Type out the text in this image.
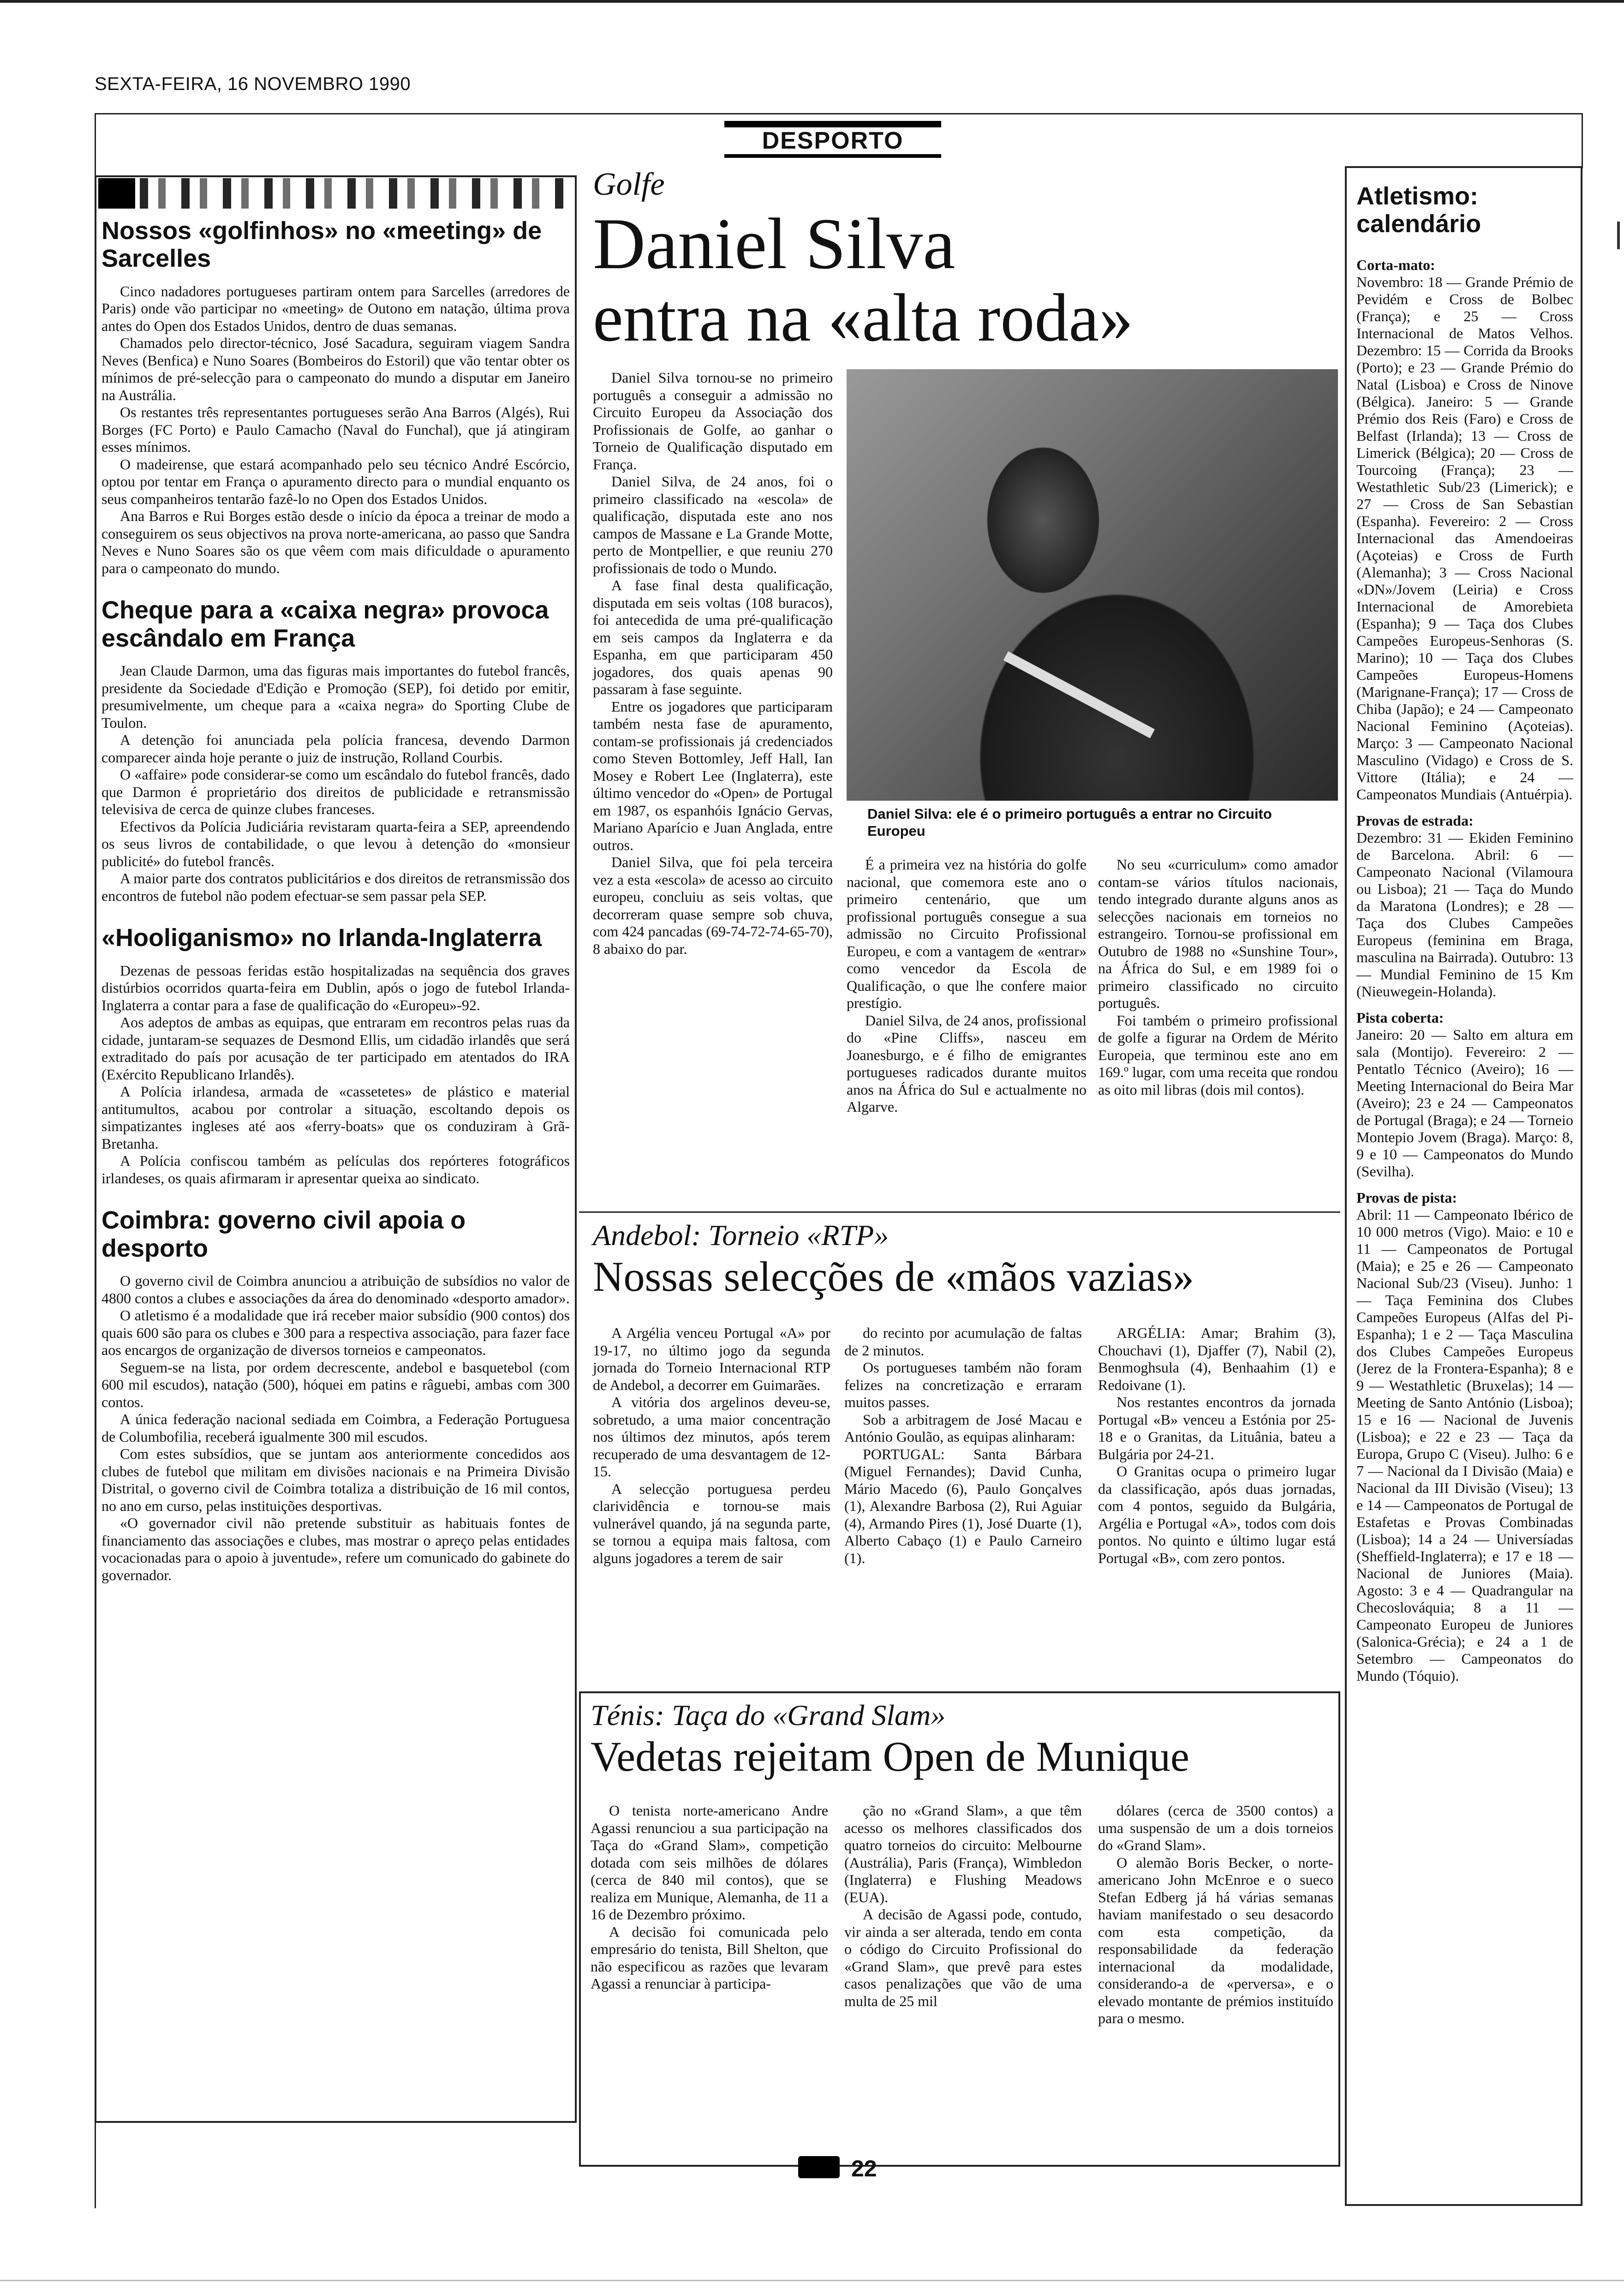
SEXTA-FEIRA, 16 NOVEMBRO 1990
DESPORTO
Nossos «golfinhos» no «meeting» de Sarcelles

Cinco nadadores portugueses partiram ontem para Sarcelles (arredores de Paris) onde vão participar no «meeting» de Outono em natação, última prova antes do Open dos Estados Unidos, dentro de duas semanas.

Chamados pelo director-técnico, José Sacadura, seguiram viagem Sandra Neves (Benfica) e Nuno Soares (Bombeiros do Estoril) que vão tentar obter os mínimos de pré-selecção para o campeonato do mundo a disputar em Janeiro na Austrália.

Os restantes três representantes portugueses serão Ana Barros (Algés), Rui Borges (FC Porto) e Paulo Camacho (Naval do Funchal), que já atingiram esses mínimos.

O madeirense, que estará acompanhado pelo seu técnico André Escórcio, optou por tentar em França o apuramento directo para o mundial enquanto os seus companheiros tentarão fazê-lo no Open dos Estados Unidos.

Ana Barros e Rui Borges estão desde o início da época a treinar de modo a conseguirem os seus objectivos na prova norte-americana, ao passo que Sandra Neves e Nuno Soares são os que vêem com mais dificuldade o apuramento para o campeonato do mundo.

Cheque para a «caixa negra» provoca escândalo em França

Jean Claude Darmon, uma das figuras mais importantes do futebol francês, presidente da Sociedade d'Edição e Promoção (SEP), foi detido por emitir, presumivelmente, um cheque para a «caixa negra» do Sporting Clube de Toulon.

A detenção foi anunciada pela polícia francesa, devendo Darmon comparecer ainda hoje perante o juiz de instrução, Rolland Courbis.

O «affaire» pode considerar-se como um escândalo do futebol francês, dado que Darmon é proprietário dos direitos de publicidade e retransmissão televisiva de cerca de quinze clubes franceses.

Efectivos da Polícia Judiciária revistaram quarta-feira a SEP, apreendendo os seus livros de contabilidade, o que levou à detenção do «monsieur publicité» do futebol francês.

A maior parte dos contratos publicitários e dos direitos de retransmissão dos encontros de futebol não podem efectuar-se sem passar pela SEP.

«Hooliganismo» no Irlanda-Inglaterra

Dezenas de pessoas feridas estão hospitalizadas na sequência dos graves distúrbios ocorridos quarta-feira em Dublin, após o jogo de futebol Irlanda-Inglaterra a contar para a fase de qualificação do «Europeu»-92.

Aos adeptos de ambas as equipas, que entraram em recontros pelas ruas da cidade, juntaram-se sequazes de Desmond Ellis, um cidadão irlandês que será extraditado do país por acusação de ter participado em atentados do IRA (Exército Republicano Irlandês).

A Polícia irlandesa, armada de «cassetetes» de plástico e material antitumultos, acabou por controlar a situação, escoltando depois os simpatizantes ingleses até aos «ferry-boats» que os conduziram à Grã-Bretanha.

A Polícia confiscou também as películas dos repórteres fotográficos irlandeses, os quais afirmaram ir apresentar queixa ao sindicato.

Coimbra: governo civil apoia o desporto

O governo civil de Coimbra anunciou a atribuição de subsídios no valor de 4800 contos a clubes e associações da área do denominado «desporto amador».

O atletismo é a modalidade que irá receber maior subsídio (900 contos) dos quais 600 são para os clubes e 300 para a respectiva associação, para fazer face aos encargos de organização de diversos torneios e campeonatos.

Seguem-se na lista, por ordem decrescente, andebol e basquetebol (com 600 mil escudos), natação (500), hóquei em patins e râguebi, ambas com 300 contos.

A única federação nacional sediada em Coimbra, a Federação Portuguesa de Columbofilia, receberá igualmente 300 mil escudos.

Com estes subsídios, que se juntam aos anteriormente concedidos aos clubes de futebol que militam em divisões nacionais e na Primeira Divisão Distrital, o governo civil de Coimbra totaliza a distribuição de 16 mil contos, no ano em curso, pelas instituições desportivas.

«O governador civil não pretende substituir as habituais fontes de financiamento das associações e clubes, mas mostrar o apreço pelas entidades vocacionadas para o apoio à juventude», refere um comunicado do gabinete do governador.

Golfe
Daniel Silva
entra na «alta roda»

Daniel Silva tornou-se no primeiro português a conseguir a admissão no Circuito Europeu da Associação dos Profissionais de Golfe, ao ganhar o Torneio de Qualificação disputado em França.

Daniel Silva, de 24 anos, foi o primeiro classificado na «escola» de qualificação, disputada este ano nos campos de Massane e La Grande Motte, perto de Montpellier, e que reuniu 270 profissionais de todo o Mundo.

A fase final desta qualificação, disputada em seis voltas (108 buracos), foi antecedida de uma pré-qualificação em seis campos da Inglaterra e da Espanha, em que participaram 450 jogadores, dos quais apenas 90 passaram à fase seguinte.

Entre os jogadores que participaram também nesta fase de apuramento, contam-se profissionais já credenciados como Steven Bottomley, Jeff Hall, Ian Mosey e Robert Lee (Inglaterra), este último vencedor do «Open» de Portugal em 1987, os espanhóis Ignácio Gervas, Mariano Aparício e Juan Anglada, entre outros.

Daniel Silva, que foi pela terceira vez a esta «escola» de acesso ao circuito europeu, concluiu as seis voltas, que decorreram quase sempre sob chuva, com 424 pancadas (69-74-72-74-65-70), 8 abaixo do par.

Daniel Silva: ele é o primeiro português a entrar no Circuito Europeu

É a primeira vez na história do golfe nacional, que comemora este ano o primeiro centenário, que um profissional português consegue a sua admissão no Circuito Profissional Europeu, e com a vantagem de «entrar» como vencedor da Escola de Qualificação, o que lhe confere maior prestígio.

Daniel Silva, de 24 anos, profissional do «Pine Cliffs», nasceu em Joanesburgo, e é filho de emigrantes portugueses radicados durante muitos anos na África do Sul e actualmente no Algarve.

No seu «curriculum» como amador contam-se vários títulos nacionais, tendo integrado durante alguns anos as selecções nacionais em torneios no estrangeiro. Tornou-se profissional em Outubro de 1988 no «Sunshine Tour», na África do Sul, e em 1989 foi o primeiro classificado no circuito português.

Foi também o primeiro profissional de golfe a figurar na Ordem de Mérito Europeia, que terminou este ano em 169.º lugar, com uma receita que rondou as oito mil libras (dois mil contos).

Andebol: Torneio «RTP»
Nossas selecções de «mãos vazias»

A Argélia venceu Portugal «A» por 19-17, no último jogo da segunda jornada do Torneio Internacional RTP de Andebol, a decorrer em Guimarães.

A vitória dos argelinos deveu-se, sobretudo, a uma maior concentração nos últimos dez minutos, após terem recuperado de uma desvantagem de 12-15.

A selecção portuguesa perdeu clarividência e tornou-se mais vulnerável quando, já na segunda parte, se tornou a equipa mais faltosa, com alguns jogadores a terem de sair

do recinto por acumulação de faltas de 2 minutos.

Os portugueses também não foram felizes na concretização e erraram muitos passes.

Sob a arbitragem de José Macau e António Goulão, as equipas alinharam:

PORTUGAL: Santa Bárbara (Miguel Fernandes); David Cunha, Mário Macedo (6), Paulo Gonçalves (1), Alexandre Barbosa (2), Rui Aguiar (4), Armando Pires (1), José Duarte (1), Alberto Cabaço (1) e Paulo Carneiro (1).

ARGÉLIA: Amar; Brahim (3), Chouchavi (1), Djaffer (7), Nabil (2), Benmoghsula (4), Benhaahim (1) e Redoivane (1).

Nos restantes encontros da jornada Portugal «B» venceu a Estónia por 25-18 e o Granitas, da Lituânia, bateu a Bulgária por 24-21.

O Granitas ocupa o primeiro lugar da classificação, após duas jornadas, com 4 pontos, seguido da Bulgária, Argélia e Portugal «A», todos com dois pontos. No quinto e último lugar está Portugal «B», com zero pontos.

Ténis: Taça do «Grand Slam»
Vedetas rejeitam Open de Munique

O tenista norte-americano Andre Agassi renunciou a sua participação na Taça do «Grand Slam», competição dotada com seis milhões de dólares (cerca de 840 mil contos), que se realiza em Munique, Alemanha, de 11 a 16 de Dezembro próximo.

A decisão foi comunicada pelo empresário do tenista, Bill Shelton, que não especificou as razões que levaram Agassi a renunciar à participa-

ção no «Grand Slam», a que têm acesso os melhores classificados dos quatro torneios do circuito: Melbourne (Austrália), Paris (França), Wimbledon (Inglaterra) e Flushing Meadows (EUA).

A decisão de Agassi pode, contudo, vir ainda a ser alterada, tendo em conta o código do Circuito Profissional do «Grand Slam», que prevê para estes casos penalizações que vão de uma multa de 25 mil

dólares (cerca de 3500 contos) a uma suspensão de um a dois torneios do «Grand Slam».

O alemão Boris Becker, o norte-americano John McEnroe e o sueco Stefan Edberg já há várias semanas haviam manifestado o seu desacordo com esta competição, da responsabilidade da federação internacional da modalidade, considerando-a de «perversa», e o elevado montante de prémios instituído para o mesmo.

Atletismo: calendário
Corta-mato:

Novembro: 18 — Grande Prémio de Pevidém e Cross de Bolbec (França); e 25 — Cross Internacional de Matos Velhos. Dezembro: 15 — Corrida da Brooks (Porto); e 23 — Grande Prémio do Natal (Lisboa) e Cross de Ninove (Bélgica). Janeiro: 5 — Grande Prémio dos Reis (Faro) e Cross de Belfast (Irlanda); 13 — Cross de Limerick (Bélgica); 20 — Cross de Tourcoing (França); 23 — Westathletic Sub/23 (Limerick); e 27 — Cross de San Sebastian (Espanha). Fevereiro: 2 — Cross Internacional das Amendoeiras (Açoteias) e Cross de Furth (Alemanha); 3 — Cross Nacional «DN»/Jovem (Leiria) e Cross Internacional de Amorebieta (Espanha); 9 — Taça dos Clubes Campeões Europeus-Senhoras (S. Marino); 10 — Taça dos Clubes Campeões Europeus-Homens (Marignane-França); 17 — Cross de Chiba (Japão); e 24 — Campeonato Nacional Feminino (Açoteias). Março: 3 — Campeonato Nacional Masculino (Vidago) e Cross de S. Vittore (Itália); e 24 — Campeonatos Mundiais (Antuérpia).

Provas de estrada:

Dezembro: 31 — Ekiden Feminino de Barcelona. Abril: 6 — Campeonato Nacional (Vilamoura ou Lisboa); 21 — Taça do Mundo da Maratona (Londres); e 28 — Taça dos Clubes Campeões Europeus (feminina em Braga, masculina na Bairrada). Outubro: 13 — Mundial Feminino de 15 Km (Nieuwegein-Holanda).

Pista coberta:

Janeiro: 20 — Salto em altura em sala (Montijo). Fevereiro: 2 — Pentatlo Técnico (Aveiro); 16 — Meeting Internacional do Beira Mar (Aveiro); 23 e 24 — Campeonatos de Portugal (Braga); e 24 — Torneio Montepio Jovem (Braga). Março: 8, 9 e 10 — Campeonatos do Mundo (Sevilha).

Provas de pista:

Abril: 11 — Campeonato Ibérico de 10 000 metros (Vigo). Maio: e 10 e 11 — Campeonatos de Portugal (Maia); e 25 e 26 — Campeonato Nacional Sub/23 (Viseu). Junho: 1 — Taça Feminina dos Clubes Campeões Europeus (Alfas del Pi-Espanha); 1 e 2 — Taça Masculina dos Clubes Campeões Europeus (Jerez de la Frontera-Espanha); 8 e 9 — Westathletic (Bruxelas); 14 — Meeting de Santo António (Lisboa); 15 e 16 — Nacional de Juvenis (Lisboa); e 22 e 23 — Taça da Europa, Grupo C (Viseu). Julho: 6 e 7 — Nacional da I Divisão (Maia) e Nacional da III Divisão (Viseu); 13 e 14 — Campeonatos de Portugal de Estafetas e Provas Combinadas (Lisboa); 14 a 24 — Universíadas (Sheffield-Inglaterra); e 17 e 18 — Nacional de Juniores (Maia). Agosto: 3 e 4 — Quadrangular na Checoslováquia; 8 a 11 — Campeonato Europeu de Juniores (Salonica-Grécia); e 24 a 1 de Setembro — Campeonatos do Mundo (Tóquio).

22
